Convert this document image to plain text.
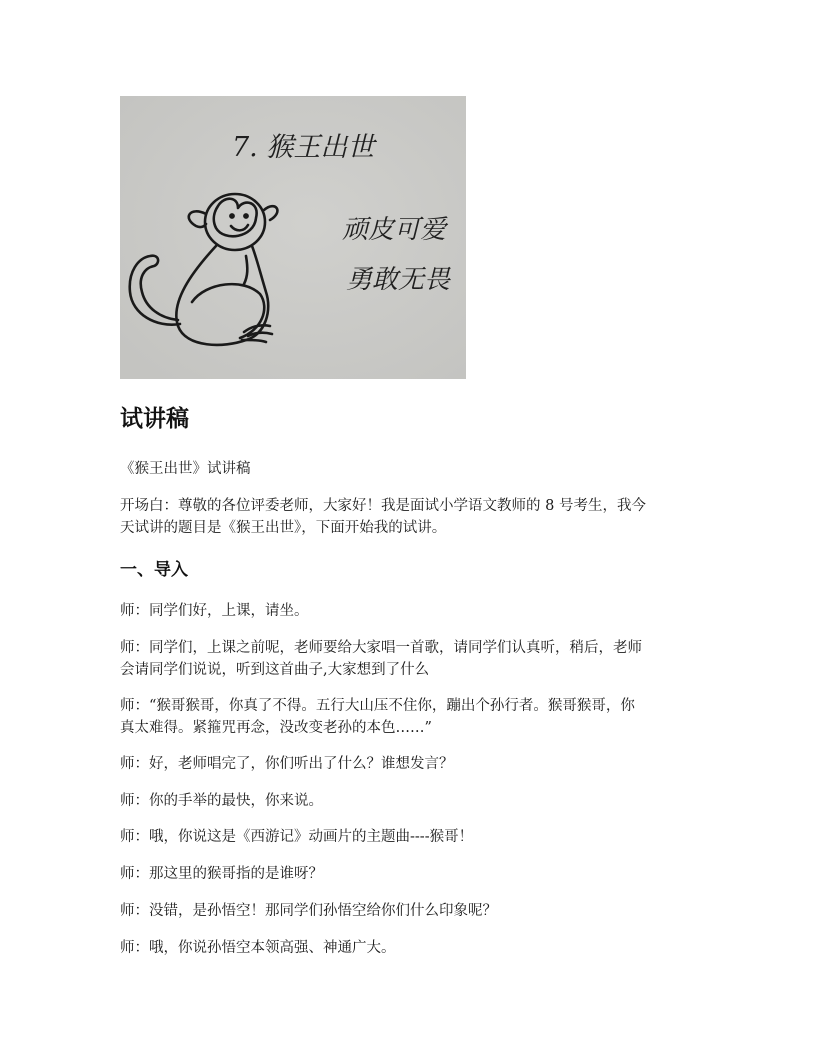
7. 猴王出世
顽皮可爱
勇敢无畏
试讲稿

《猴王出世》试讲稿

开场白：尊敬的各位评委老师，大家好！我是面试小学语文教师的 8 号考生，我今

天试讲的题目是《猴王出世》，下面开始我的试讲。

一、导入

师：同学们好，上课，请坐。

师：同学们，上课之前呢，老师要给大家唱一首歌，请同学们认真听，稍后，老师

会请同学们说说，听到这首曲子,大家想到了什么

师：“猴哥猴哥，你真了不得。五行大山压不住你，蹦出个孙行者。猴哥猴哥，你

真太难得。紧箍咒再念，没改变老孙的本色……”

师：好，老师唱完了，你们听出了什么？谁想发言？

师：你的手举的最快，你来说。

师：哦，你说这是《西游记》动画片的主题曲----猴哥！

师：那这里的猴哥指的是谁呀？

师：没错，是孙悟空！那同学们孙悟空给你们什么印象呢？

师：哦，你说孙悟空本领高强、神通广大。
